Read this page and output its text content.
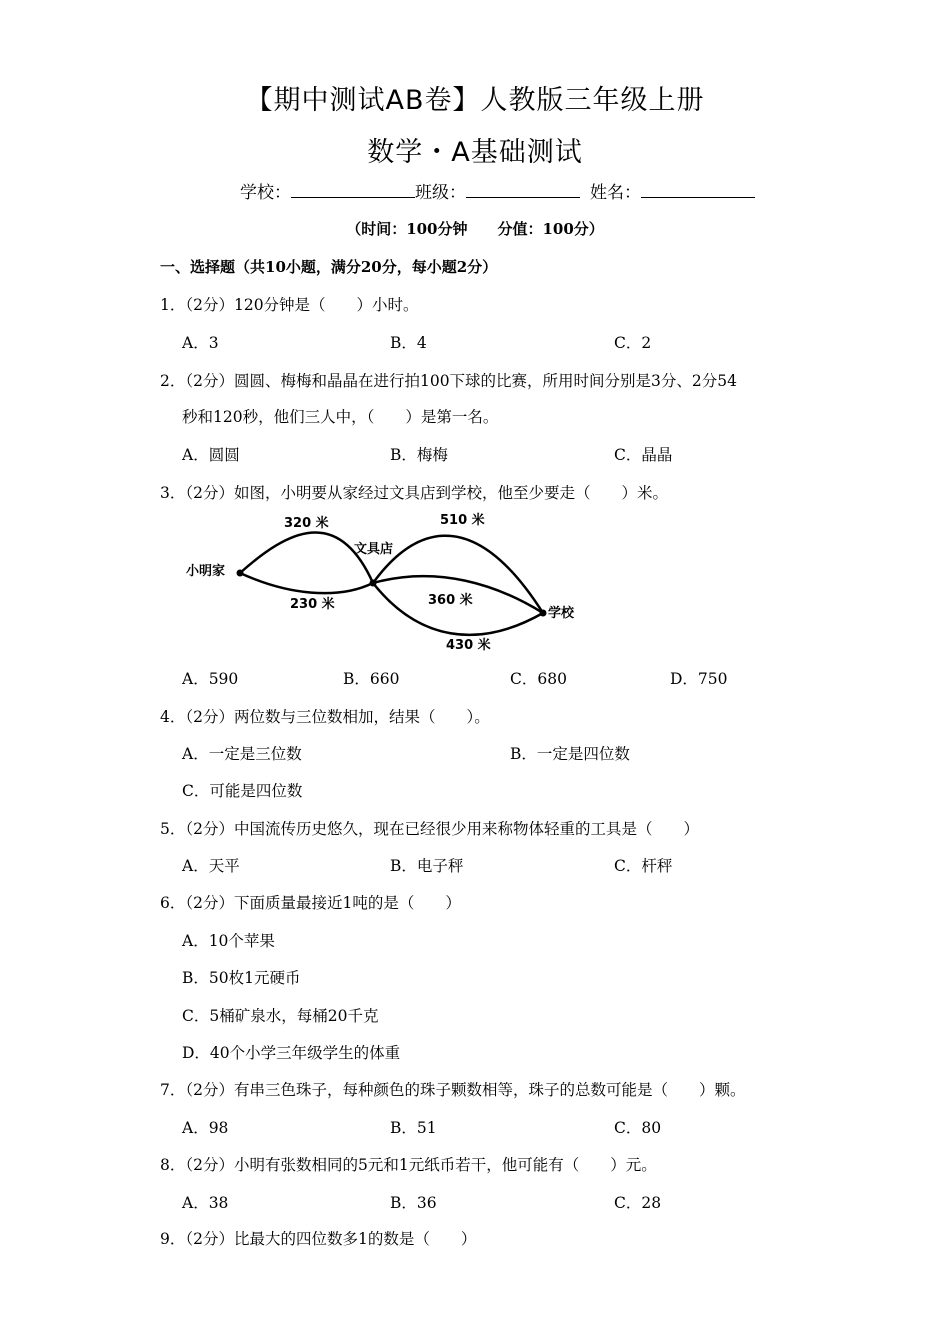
【期中测试AB卷】人教版三年级上册
数学・A基础测试
学校：	班级：	姓名：
（时间：100分钟　　分值：100分）
一、选择题（共10小题，满分20分，每小题2分）
1．（2分）120分钟是（　　）小时。
A．3	B．4	C．2
2．（2分）圆圆、梅梅和晶晶在进行拍100下球的比赛，所用时间分别是3分、2分54
秒和120秒，他们三人中，（　　）是第一名。
A．圆圆	B．梅梅	C．晶晶
3．（2分）如图，小明要从家经过文具店到学校，他至少要走（　　）米。
小明家
文具店
学校
320 米
230 米
510 米
360 米
430 米
A．590	B．660	C．680	D．750
4．（2分）两位数与三位数相加，结果（　　）。
A．一定是三位数	B．一定是四位数
C．可能是四位数
5．（2分）中国流传历史悠久，现在已经很少用来称物体轻重的工具是（　　）
A．天平	B．电子秤	C．杆秤
6．（2分）下面质量最接近1吨的是（　　）
A．10个苹果
B．50枚1元硬币
C．5桶矿泉水，每桶20千克
D．40个小学三年级学生的体重
7．（2分）有串三色珠子，每种颜色的珠子颗数相等，珠子的总数可能是（　　）颗。
A．98	B．51	C．80
8．（2分）小明有张数相同的5元和1元纸币若干，他可能有（　　）元。
A．38	B．36	C．28
9．（2分）比最大的四位数多1的数是（　　）
